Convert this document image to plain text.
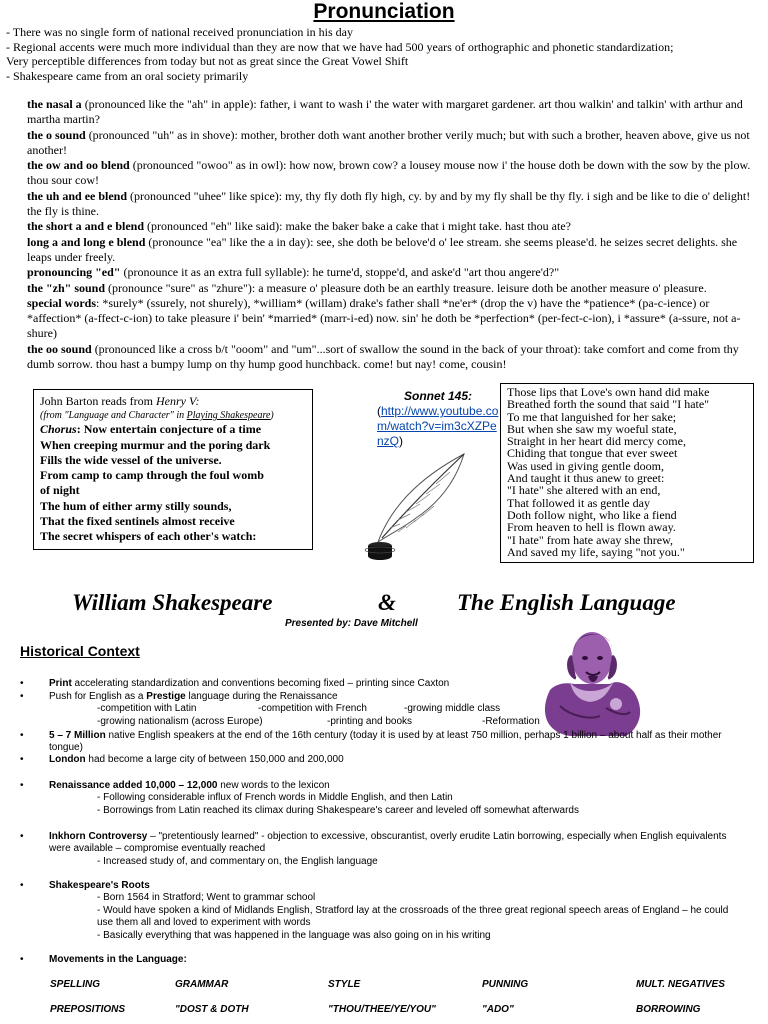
Pronunciation
- There was no single form of national received pronunciation in his day
- Regional accents were much more individual than they are now that we have had 500 years of orthographic and phonetic standardization;
Very perceptible differences from today but not as great since the Great Vowel Shift
- Shakespeare came from an oral society primarily

the nasal a (pronounced like the "ah" in apple): father, i want to wash i' the water with margaret gardener. art thou walkin' and talkin' with arthur and martha martin?

the o sound (pronounced "uh" as in shove): mother, brother doth want another brother verily much; but with such a brother, heaven above, give us not another!

the ow and oo blend (pronounced "owoo" as in owl): how now, brown cow? a lousey mouse now i' the house doth be down with the sow by the plow. thou sour cow!

the uh and ee blend (pronounced "uhee" like spice): my, thy fly doth fly high, cy. by and by my fly shall be thy fly. i sigh and be like to die o' delight! the fly is thine.

the short a and e blend (pronounced "eh" like said): make the baker bake a cake that i might take. hast thou ate?

long a and long e blend (pronounce "ea" like the a in day): see, she doth be belove'd o' lee stream. she seems please'd. he seizes secret delights. she leaps under freely.

pronouncing "ed" (pronounce it as an extra full syllable): he turne'd, stoppe'd, and aske'd "art thou angere'd?"

the "zh" sound (pronounce "sure" as "zhure"): a measure o' pleasure doth be an earthly treasure. leisure doth be another measure o' pleasure.

special words: *surely* (ssurely, not shurely), *william* (willam) drake's father shall *ne'er* (drop the v) have the *patience* (pa-c-ience) or *affection* (a-ffect-c-ion) to take pleasure i' bein' *married* (marr-i-ed) now. sin' he doth be *perfection* (per-fect-c-ion), i *assure* (a-ssure, not a-shure)

the oo sound (pronounced like a cross b/t "ooom" and "um"...sort of swallow the sound in the back of your throat): take comfort and come from thy dumb sorrow. thou hast a bumpy lump on thy hump good hunchback. come! but nay! come, cousin!

John Barton reads from Henry V:
(from "Language and Character" in Playing Shakespeare)
Chorus: Now entertain conjecture of a time
When creeping murmur and the poring dark
Fills the wide vessel of the universe.
From camp to camp through the foul womb
of night
The hum of either army stilly sounds,
That the fixed sentinels almost receive
The secret whispers of each other's watch:
Sonnet 145:
(http://www.youtube.com/watch?v=im3cXZPenzQ)
Those lips that Love's own hand did make
Breathed forth the sound that said "I hate"
To me that languished for her sake;
But when she saw my woeful state,
Straight in her heart did mercy come,
Chiding that tongue that ever sweet
Was used in giving gentle doom,
And taught it thus anew to greet:
"I hate" she altered with an end,
That followed it as gentle day
Doth follow night, who like a fiend
From heaven to hell is flown away.
"I hate" from hate away she threw,
And saved my life, saying "not you."
William Shakespeare	&	The English Language
Presented by: Dave Mitchell
Historical Context
•	Print accelerating standardization and conventions becoming fixed – printing since Caxton
•	Push for English as a Prestige language during the Renaissance
-competition with Latin	-competition with French	-growing middle class
-growing nationalism (across Europe)	-printing and books	-Reformation
•	5 – 7 Million native English speakers at the end of the 16th century (today it is used by at least 750 million, perhaps 1 billion – about half as their mother tongue)
•	London had become a large city of between 150,000 and 200,000
•	Renaissance added 10,000 – 12,000 new words to the lexicon
- Following considerable influx of French words in Middle English, and then Latin
- Borrowings from Latin reached its climax during Shakespeare's career and leveled off somewhat afterwards
•	Inkhorn Controversy – "pretentiously learned" - objection to excessive, obscurantist, overly erudite Latin borrowing, especially when English equivalents were available – compromise eventually reached
- Increased study of, and commentary on, the English language
•	Shakespeare's Roots
- Born 1564 in Stratford; Went to grammar school
- Would have spoken a kind of Midlands English, Stratford lay at the crossroads of the three great regional speech areas of England – he could use them all and loved to experiment with words
- Basically everything that was happened in the language was also going on in his writing
•	Movements in the Language:
SPELLING	GRAMMAR	STYLE	PUNNING	MULT. NEGATIVES
PREPOSITIONS	"DOST & DOTH	"THOU/THEE/YE/YOU"	"ADO"	BORROWING
